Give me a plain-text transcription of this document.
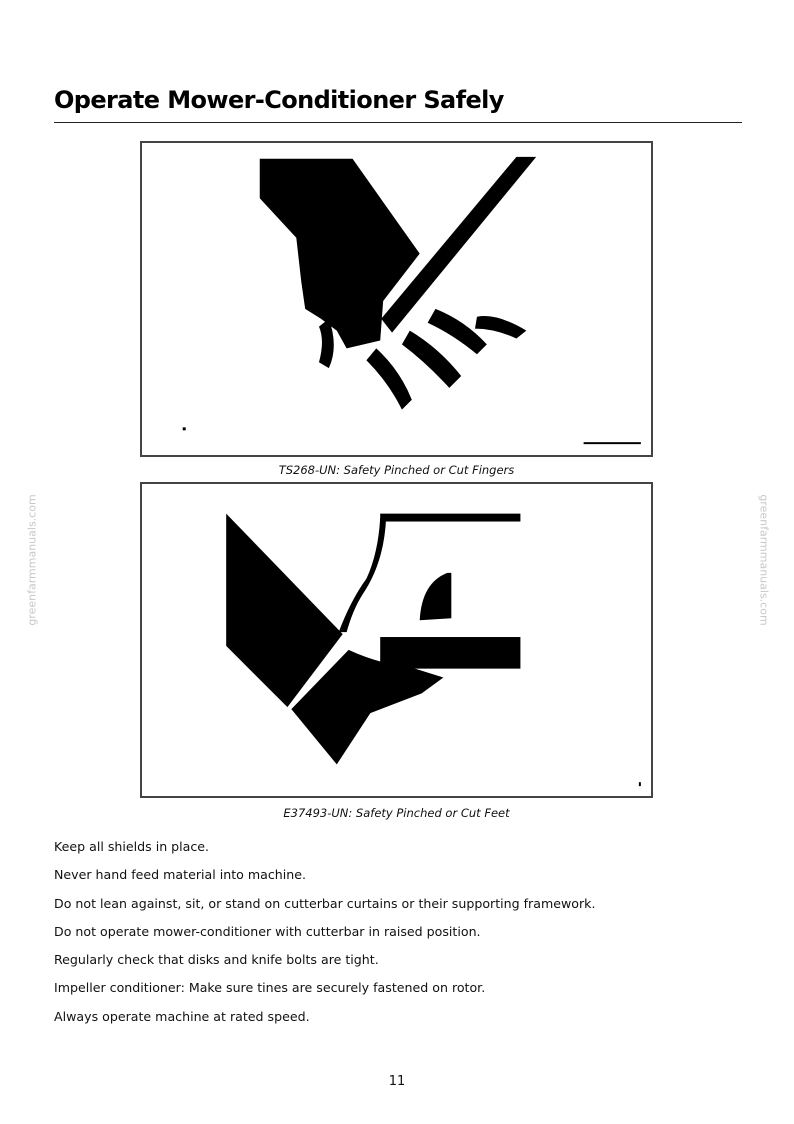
greenfarmmanuals.com	greenfarmmanuals.com
Operate Mower-Conditioner Safely
TS268-UN: Safety Pinched or Cut Fingers
E37493-UN: Safety Pinched or Cut Feet
Keep all shields in place.
Never hand feed material into machine.
Do not lean against, sit, or stand on cutterbar curtains or their supporting framework.
Do not operate mower-conditioner with cutterbar in raised position.
Regularly check that disks and knife bolts are tight.
Impeller conditioner: Make sure tines are securely fastened on rotor.
Always operate machine at rated speed.
11
